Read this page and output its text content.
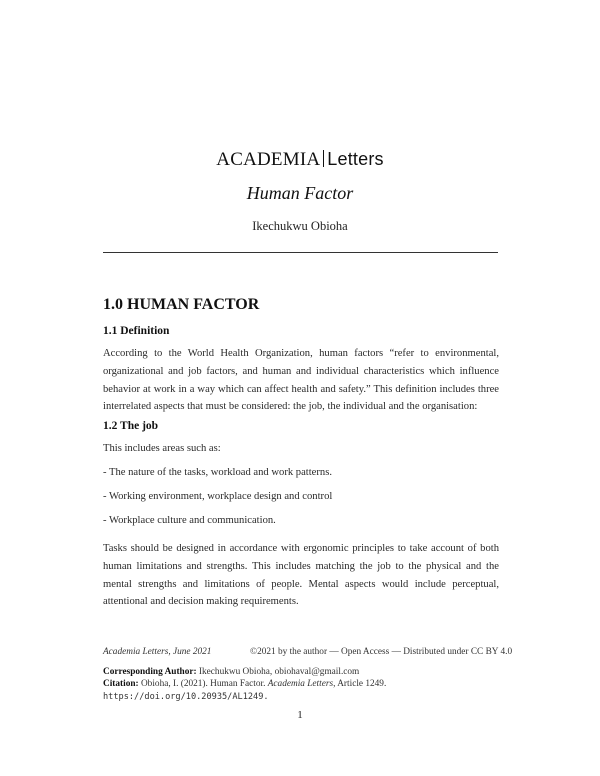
ACADEMIA Letters
Human Factor
Ikechukwu Obioha
1.0 HUMAN FACTOR
1.1 Definition
According to the World Health Organization, human factors “refer to environmental, organizational and job factors, and human and individual characteristics which influence behavior at work in a way which can affect health and safety.” This definition includes three interrelated aspects that must be considered: the job, the individual and the organisation:
1.2 The job
This includes areas such as:
- The nature of the tasks, workload and work patterns.
- Working environment, workplace design and control
- Workplace culture and communication.
Tasks should be designed in accordance with ergonomic principles to take account of both human limitations and strengths. This includes matching the job to the physical and the mental strengths and limitations of people. Mental aspects would include perceptual, attentional and decision making requirements.
Academia Letters, June 2021	©2021 by the author — Open Access — Distributed under CC BY 4.0
Corresponding Author: Ikechukwu Obioha, obiohaval@gmail.com
Citation: Obioha, I. (2021). Human Factor. Academia Letters, Article 1249.
https://doi.org/10.20935/AL1249.
1
